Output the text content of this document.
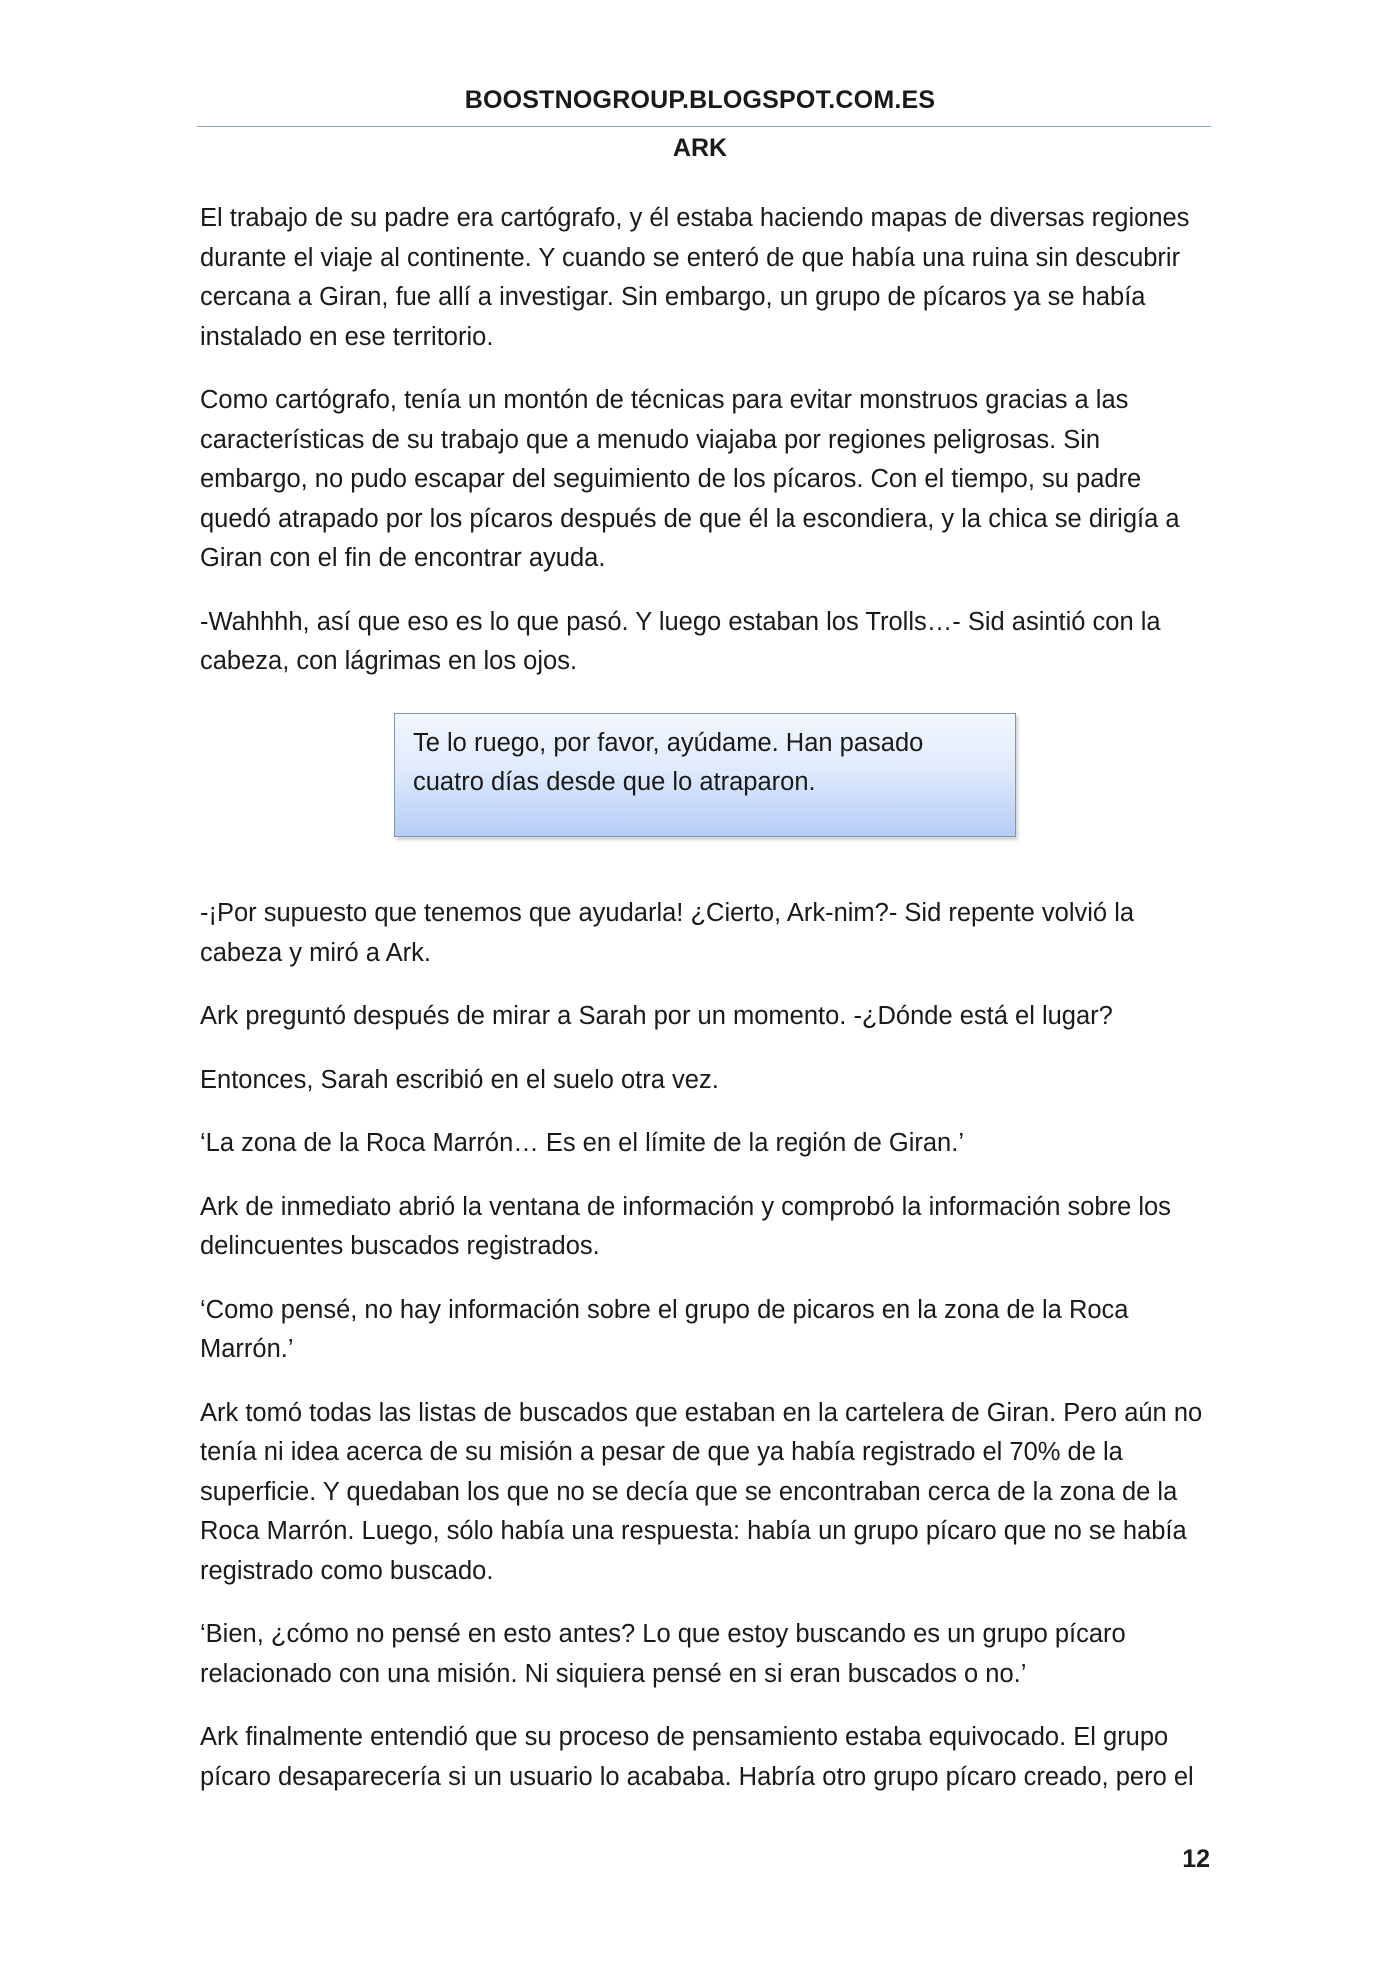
BOOSTNOGROUP.BLOGSPOT.COM.ES
ARK

El trabajo de su padre era cartógrafo, y él estaba haciendo mapas de diversas regiones durante el viaje al continente. Y cuando se enteró de que había una ruina sin descubrir cercana a Giran, fue allí a investigar. Sin embargo, un grupo de pícaros ya se había instalado en ese territorio.

Como cartógrafo, tenía un montón de técnicas para evitar monstruos gracias a las características de su trabajo que a menudo viajaba por regiones peligrosas. Sin embargo, no pudo escapar del seguimiento de los pícaros. Con el tiempo, su padre quedó atrapado por los pícaros después de que él la escondiera, y la chica se dirigía a Giran con el fin de encontrar ayuda.

-Wahhhh, así que eso es lo que pasó. Y luego estaban los Trolls…- Sid asintió con la cabeza, con lágrimas en los ojos.

Te lo ruego, por favor, ayúdame. Han pasado cuatro días desde que lo atraparon.

-¡Por supuesto que tenemos que ayudarla! ¿Cierto, Ark-nim?- Sid repente volvió la cabeza y miró a Ark.

Ark preguntó después de mirar a Sarah por un momento. -¿Dónde está el lugar?

Entonces, Sarah escribió en el suelo otra vez.

‘La zona de la Roca Marrón… Es en el límite de la región de Giran.’

Ark de inmediato abrió la ventana de información y comprobó la información sobre los delincuentes buscados registrados.

‘Como pensé, no hay información sobre el grupo de picaros en la zona de la Roca Marrón.’

Ark tomó todas las listas de buscados que estaban en la cartelera de Giran. Pero aún no tenía ni idea acerca de su misión a pesar de que ya había registrado el 70% de la superficie. Y quedaban los que no se decía que se encontraban cerca de la zona de la Roca Marrón. Luego, sólo había una respuesta: había un grupo pícaro que no se había registrado como buscado.

‘Bien, ¿cómo no pensé en esto antes? Lo que estoy buscando es un grupo pícaro relacionado con una misión. Ni siquiera pensé en si eran buscados o no.’

Ark finalmente entendió que su proceso de pensamiento estaba equivocado. El grupo pícaro desaparecería si un usuario lo acababa. Habría otro grupo pícaro creado, pero el

12
